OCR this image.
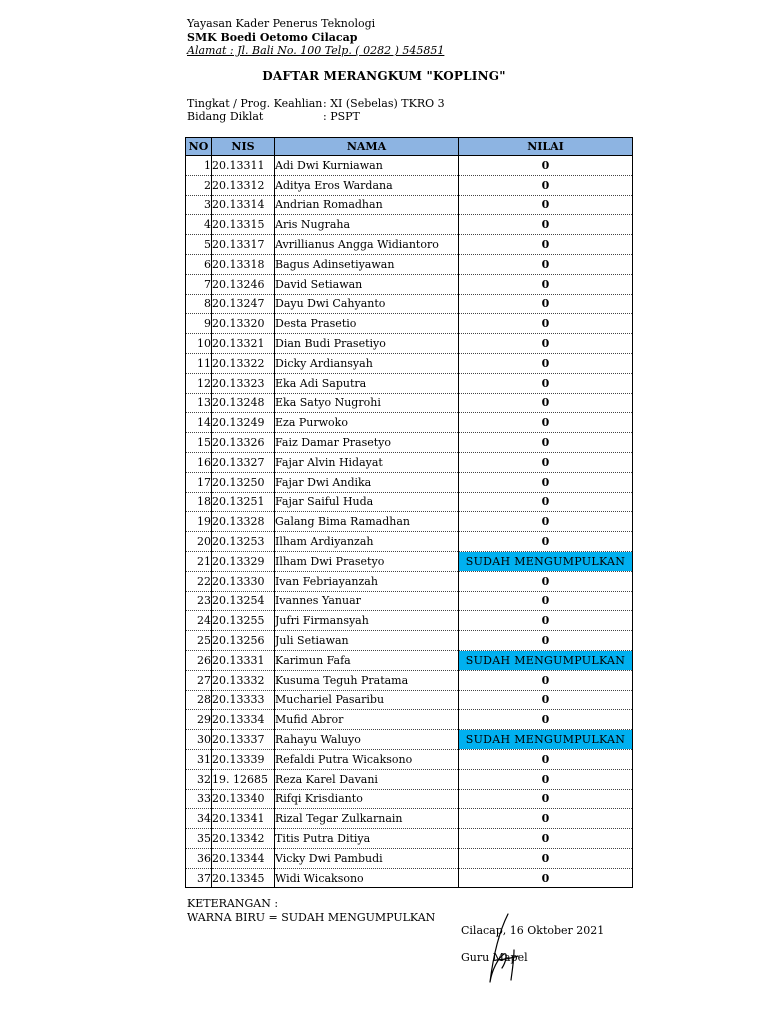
Yayasan Kader Penerus Teknologi
SMK Boedi Oetomo Cilacap
Alamat : Jl. Bali No. 100 Telp. ( 0282 ) 545851
DAFTAR MERANGKUM "KOPLING"
Tingkat / Prog. Keahlian: XI (Sebelas) TKRO 3
Bidang Diklat	: PSPT
NO	NIS	NAMA	NILAI
1	20.13311	Adi Dwi Kurniawan	0
2	20.13312	Aditya Eros Wardana	0
3	20.13314	Andrian Romadhan	0
4	20.13315	Aris Nugraha	0
5	20.13317	Avrillianus Angga Widiantoro	0
6	20.13318	Bagus Adinsetiyawan	0
7	20.13246	David Setiawan	0
8	20.13247	Dayu Dwi Cahyanto	0
9	20.13320	Desta Prasetio	0
10	20.13321	Dian Budi Prasetiyo	0
11	20.13322	Dicky Ardiansyah	0
12	20.13323	Eka Adi Saputra	0
13	20.13248	Eka Satyo Nugrohi	0
14	20.13249	Eza Purwoko	0
15	20.13326	Faiz Damar Prasetyo	0
16	20.13327	Fajar Alvin Hidayat	0
17	20.13250	Fajar Dwi Andika	0
18	20.13251	Fajar Saiful Huda	0
19	20.13328	Galang Bima Ramadhan	0
20	20.13253	Ilham Ardiyanzah	0
21	20.13329	Ilham Dwi Prasetyo	SUDAH MENGUMPULKAN
22	20.13330	Ivan Febriayanzah	0
23	20.13254	Ivannes Yanuar	0
24	20.13255	Jufri Firmansyah	0
25	20.13256	Juli Setiawan	0
26	20.13331	Karimun Fafa	SUDAH MENGUMPULKAN
27	20.13332	Kusuma Teguh Pratama	0
28	20.13333	Muchariel Pasaribu	0
29	20.13334	Mufid Abror	0
30	20.13337	Rahayu Waluyo	SUDAH MENGUMPULKAN
31	20.13339	Refaldi Putra Wicaksono	0
32	19. 12685	Reza Karel Davani	0
33	20.13340	Rifqi Krisdianto	0
34	20.13341	Rizal Tegar Zulkarnain	0
35	20.13342	Titis Putra Ditiya	0
36	20.13344	Vicky Dwi Pambudi	0
37	20.13345	Widi Wicaksono	0
KETERANGAN :
WARNA BIRU = SUDAH MENGUMPULKAN
Cilacap, 16 Oktober 2021
Guru Mapel
